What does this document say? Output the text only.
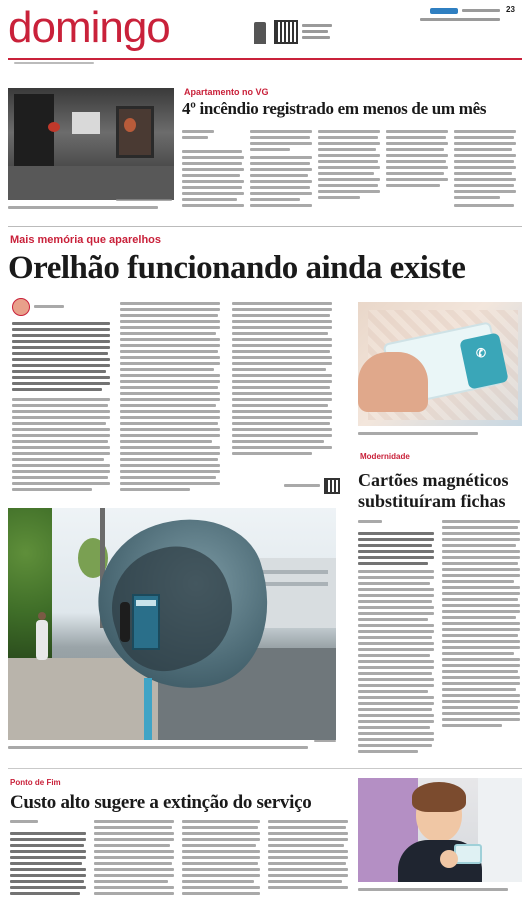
domingo	23
Apartamento no VG
4º incêndio registrado em menos de um mês
Mais memória que aparelhos
Orelhão funcionando ainda existe
✆
Modernidade
Cartões magnéticos
substituíram fichas
Ponto de Fim
Custo alto sugere a extinção do serviço
